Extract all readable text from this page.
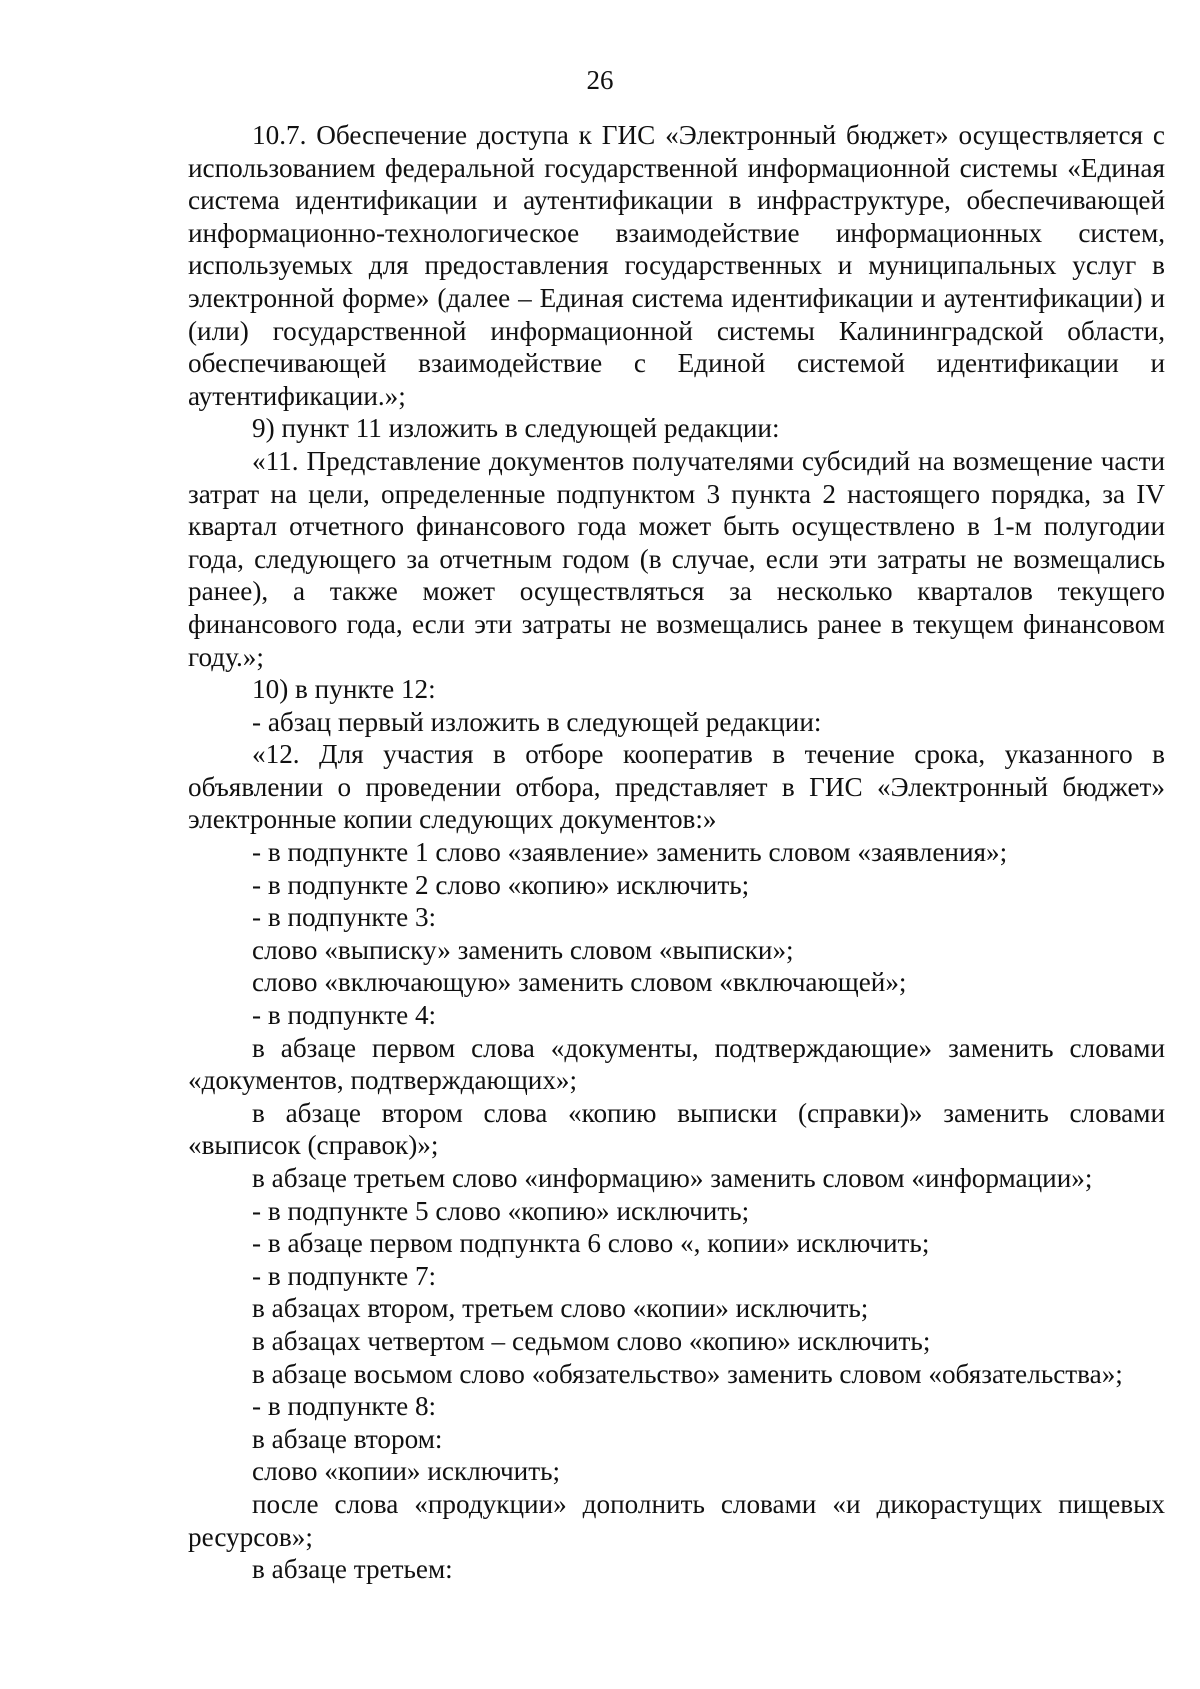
26

10.7. Обеспечение доступа к ГИС «Электронный бюджет» осуществляется с использованием федеральной государственной информационной системы «Единая система идентификации и аутентификации в инфраструктуре, обеспечивающей информационно-технологическое взаимодействие информационных систем, используемых для предоставления государственных и муниципальных услуг в электронной форме» (далее – Единая система идентификации и аутентификации) и (или) государственной информационной системы Калининградской области, обеспечивающей взаимодействие с Единой системой идентификации и аутентификации.»;

9) пункт 11 изложить в следующей редакции:

«11. Представление документов получателями субсидий на возмещение части затрат на цели, определенные подпунктом 3 пункта 2 настоящего порядка, за IV квартал отчетного финансового года может быть осуществлено в 1-м полугодии года, следующего за отчетным годом (в случае, если эти затраты не возмещались ранее), а также может осуществляться за несколько кварталов текущего финансового года, если эти затраты не возмещались ранее в текущем финансовом году.»;

10) в пункте 12:

- абзац первый изложить в следующей редакции:

«12. Для участия в отборе кооператив в течение срока, указанного в объявлении о проведении отбора, представляет в ГИС «Электронный бюджет» электронные копии следующих документов:»

- в подпункте 1 слово «заявление» заменить словом «заявления»;

- в подпункте 2 слово «копию» исключить;

- в подпункте 3:

слово «выписку» заменить словом «выписки»;

слово «включающую» заменить словом «включающей»;

- в подпункте 4:

в абзаце первом слова «документы, подтверждающие» заменить словами «документов, подтверждающих»;

в абзаце втором слова «копию выписки (справки)» заменить словами «выписок (справок)»;

в абзаце третьем слово «информацию» заменить словом «информации»;

- в подпункте 5 слово «копию» исключить;

- в абзаце первом подпункта 6 слово «, копии» исключить;

- в подпункте 7:

в абзацах втором, третьем слово «копии» исключить;

в абзацах четвертом – седьмом слово «копию» исключить;

в абзаце восьмом слово «обязательство» заменить словом «обязательства»;

- в подпункте 8:

в абзаце втором:

слово «копии» исключить;

после слова «продукции» дополнить словами «и дикорастущих пищевых ресурсов»;

в абзаце третьем:
